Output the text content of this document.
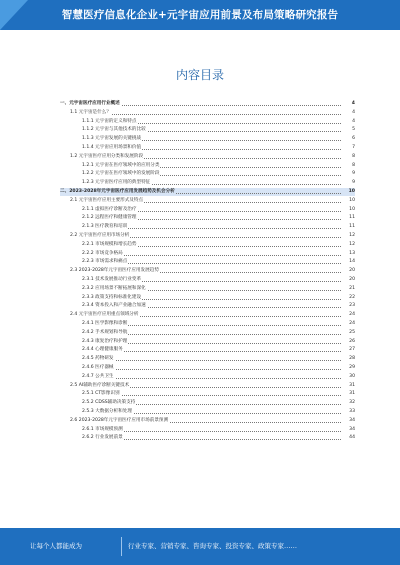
智慧医疗信息化企业+元宇宙应用前景及布局策略研究报告
内容目录
一、元宇宙医疗应用行业概述	4
1.1 元宇宙是什么？	4
1.1.1 元宇宙的定义和特点	4
1.1.2 元宇宙与其他技术的比较	5
1.1.3 元宇宙发展的关键挑战	6
1.1.4 元宇宙应用场景和价值	7
1.2 元宇宙医疗应用分类和发展阶段	8
1.2.1 元宇宙在医疗领域中的应用分类	8
1.2.2 元宇宙在医疗领域中的发展阶段	9
1.2.3 元宇宙医疗应用的典型特征	9
二、2023-2028年元宇宙医疗应用发展趋势及机会分析	10
2.1 元宇宙医疗应用主要形式及特点	10
2.1.1 虚拟医疗诊断及治疗	10
2.1.2 远程医疗和健康管理	11
2.1.3 医疗教育和培训	11
2.2 元宇宙医疗应用市场分析	12
2.2.1 市场规模和增长趋势	12
2.2.2 市场竞争格局	13
2.2.3 市场需求和痛点	14
2.3 2023-2028年元宇宙医疗应用发展趋势	20
2.3.1 技术发展推动行业变革	20
2.3.2 应用场景不断拓展和深化	21
2.3.3 政策支持和标准化建设	22
2.3.4 资本投入和产业融合加速	23
2.4 元宇宙医疗应用重点领域分析	24
2.4.1 医学影像和诊断	24
2.4.2 手术规划和导航	25
2.4.3 康复治疗和护理	26
2.4.4 心理健康服务	27
2.4.5 药物研发	28
2.4.6 医疗器械	29
2.4.7 公共卫生	30
2.5 AI辅助医疗诊断关键技术	31
2.5.1 CT影像识别	31
2.5.2 CDSS辅助决策支持	32
2.5.3 大数据分析和处理	33
2.6 2023-2028年元宇宙医疗应用市场前景预测	34
2.6.1 市场规模预测	34
2.6.2 行业发展前景	44
让每个人都能成为	行业专家、营销专家、咨询专家、投资专家、政策专家……
